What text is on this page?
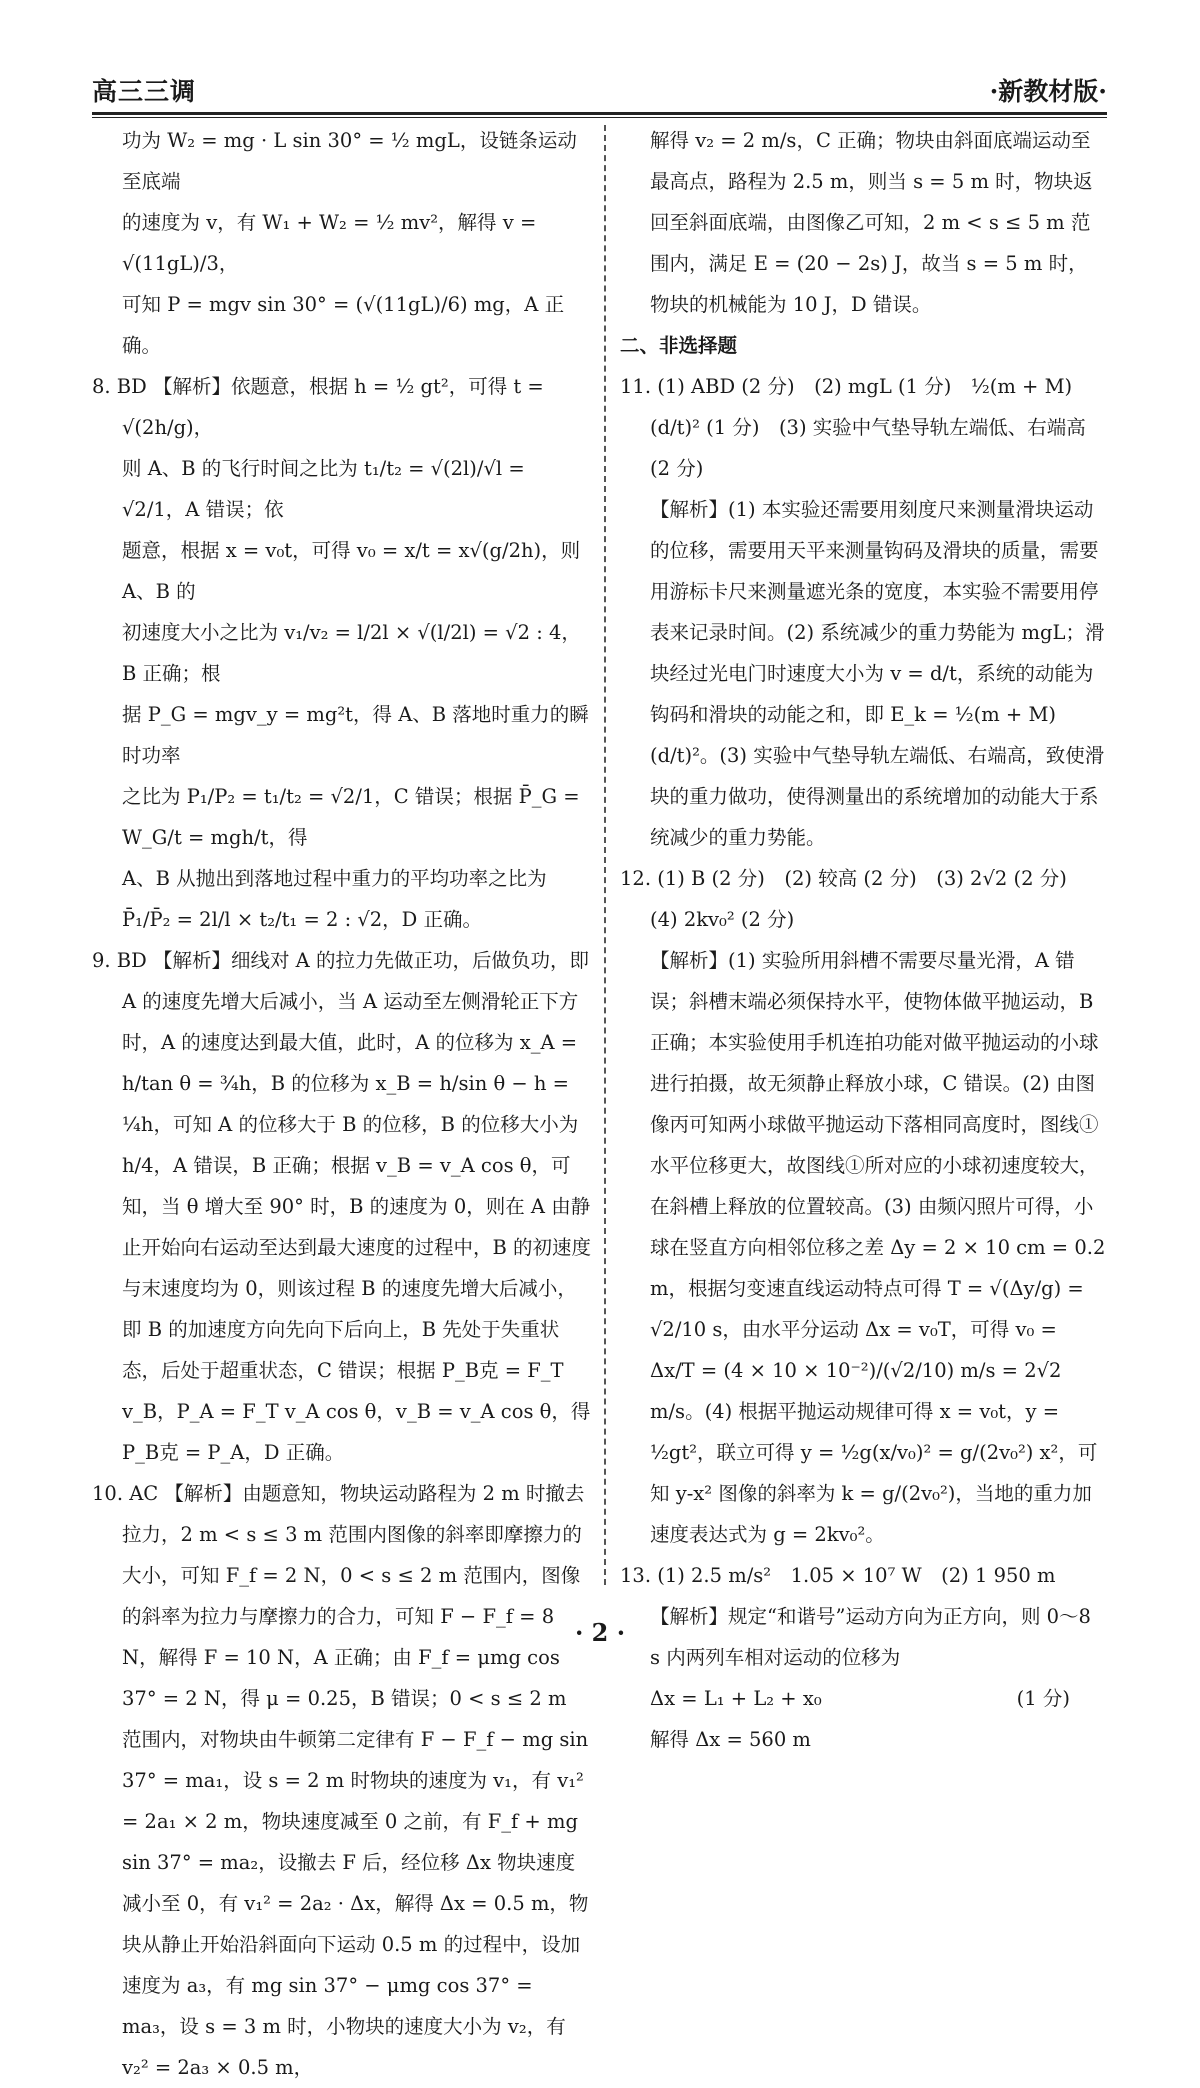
高三三调	·新教材版·

功为 W₂ = mg · L sin 30° = ½ mgL，设链条运动至底端

的速度为 v，有 W₁ + W₂ = ½ mv²，解得 v = √(11gL)/3，

可知 P = mgv sin 30° = (√(11gL)/6) mg，A 正确。

8. BD 【解析】依题意，根据 h = ½ gt²，可得 t = √(2h/g)，

则 A、B 的飞行时间之比为 t₁/t₂ = √(2l)/√l = √2/1，A 错误；依

题意，根据 x = v₀t，可得 v₀ = x/t = x√(g/2h)，则 A、B 的

初速度大小之比为 v₁/v₂ = l/2l × √(l/2l) = √2 : 4，B 正确；根

据 P_G = mgv_y = mg²t，得 A、B 落地时重力的瞬时功率

之比为 P₁/P₂ = t₁/t₂ = √2/1，C 错误；根据 P̄_G = W_G/t = mgh/t，得

A、B 从抛出到落地过程中重力的平均功率之比为

P̄₁/P̄₂ = 2l/l × t₂/t₁ = 2 : √2，D 正确。

9. BD 【解析】细线对 A 的拉力先做正功，后做负功，即 A 的速度先增大后减小，当 A 运动至左侧滑轮正下方时，A 的速度达到最大值，此时，A 的位移为 x_A = h/tan θ = ¾h，B 的位移为 x_B = h/sin θ − h = ¼h，可知 A 的位移大于 B 的位移，B 的位移大小为 h/4，A 错误，B 正确；根据 v_B = v_A cos θ，可知，当 θ 增大至 90° 时，B 的速度为 0，则在 A 由静止开始向右运动至达到最大速度的过程中，B 的初速度与末速度均为 0，则该过程 B 的速度先增大后减小，即 B 的加速度方向先向下后向上，B 先处于失重状态，后处于超重状态，C 错误；根据 P_B克 = F_T v_B，P_A = F_T v_A cos θ，v_B = v_A cos θ，得 P_B克 = P_A，D 正确。

10. AC 【解析】由题意知，物块运动路程为 2 m 时撤去拉力，2 m < s ≤ 3 m 范围内图像的斜率即摩擦力的大小，可知 F_f = 2 N，0 < s ≤ 2 m 范围内，图像的斜率为拉力与摩擦力的合力，可知 F − F_f = 8 N，解得 F = 10 N，A 正确；由 F_f = μmg cos 37° = 2 N，得 μ = 0.25，B 错误；0 < s ≤ 2 m 范围内，对物块由牛顿第二定律有 F − F_f − mg sin 37° = ma₁，设 s = 2 m 时物块的速度为 v₁，有 v₁² = 2a₁ × 2 m，物块速度减至 0 之前，有 F_f + mg sin 37° = ma₂，设撤去 F 后，经位移 Δx 物块速度减小至 0，有 v₁² = 2a₂ · Δx，解得 Δx = 0.5 m，物块从静止开始沿斜面向下运动 0.5 m 的过程中，设加速度为 a₃，有 mg sin 37° − μmg cos 37° = ma₃，设 s = 3 m 时，小物块的速度大小为 v₂，有 v₂² = 2a₃ × 0.5 m，

解得 v₂ = 2 m/s，C 正确；物块由斜面底端运动至最高点，路程为 2.5 m，则当 s = 5 m 时，物块返回至斜面底端，由图像乙可知，2 m < s ≤ 5 m 范围内，满足 E = (20 − 2s) J，故当 s = 5 m 时，物块的机械能为 10 J，D 错误。

二、非选择题

11. (1) ABD (2 分)　(2) mgL (1 分)　½(m + M)(d/t)² (1 分)　(3) 实验中气垫导轨左端低、右端高 (2 分)

【解析】(1) 本实验还需要用刻度尺来测量滑块运动的位移，需要用天平来测量钩码及滑块的质量，需要用游标卡尺来测量遮光条的宽度，本实验不需要用停表来记录时间。(2) 系统减少的重力势能为 mgL；滑块经过光电门时速度大小为 v = d/t，系统的动能为钩码和滑块的动能之和，即 E_k = ½(m + M)(d/t)²。(3) 实验中气垫导轨左端低、右端高，致使滑块的重力做功，使得测量出的系统增加的动能大于系统减少的重力势能。

12. (1) B (2 分)　(2) 较高 (2 分)　(3) 2√2 (2 分)　(4) 2kv₀² (2 分)

【解析】(1) 实验所用斜槽不需要尽量光滑，A 错误；斜槽末端必须保持水平，使物体做平抛运动，B 正确；本实验使用手机连拍功能对做平抛运动的小球进行拍摄，故无须静止释放小球，C 错误。(2) 由图像丙可知两小球做平抛运动下落相同高度时，图线①水平位移更大，故图线①所对应的小球初速度较大，在斜槽上释放的位置较高。(3) 由频闪照片可得，小球在竖直方向相邻位移之差 Δy = 2 × 10 cm = 0.2 m，根据匀变速直线运动特点可得 T = √(Δy/g) = √2/10 s，由水平分运动 Δx = v₀T，可得 v₀ = Δx/T = (4 × 10 × 10⁻²)/(√2/10) m/s = 2√2 m/s。(4) 根据平抛运动规律可得 x = v₀t，y = ½gt²，联立可得 y = ½g(x/v₀)² = g/(2v₀²) x²，可知 y-x² 图像的斜率为 k = g/(2v₀²)，当地的重力加速度表达式为 g = 2kv₀²。

13. (1) 2.5 m/s²　1.05 × 10⁷ W　(2) 1 950 m

【解析】规定“和谐号”运动方向为正方向，则 0～8 s 内两列车相对运动的位移为

Δx = L₁ + L₂ + x₀　　　　　　　　　　(1 分)

解得 Δx = 560 m

· 2 ·
